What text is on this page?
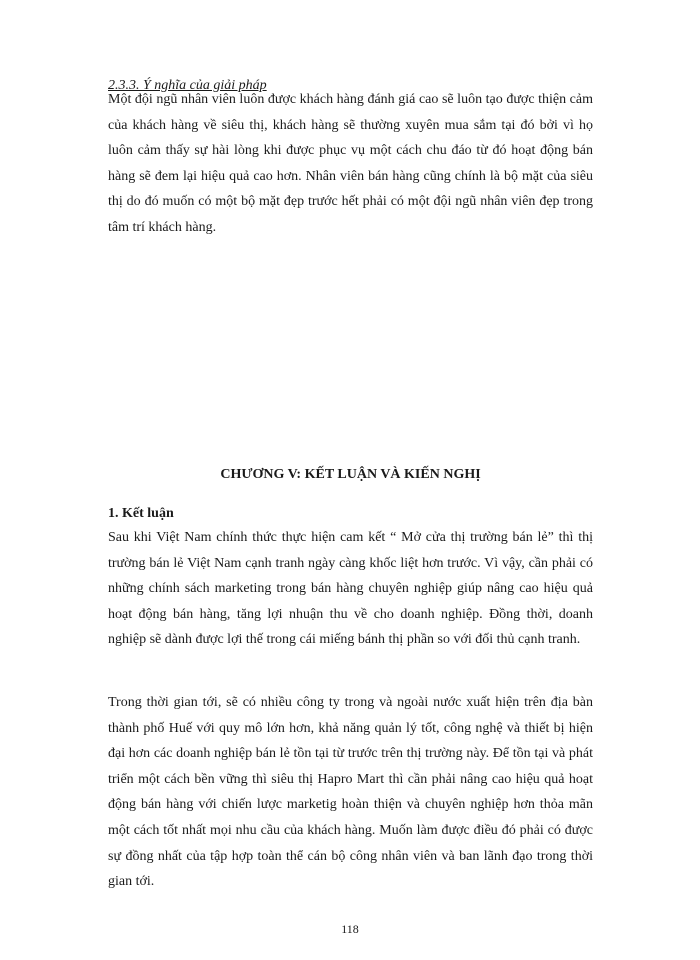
2.3.3. Ý nghĩa của giải pháp

Một đội ngũ nhân viên luôn được khách hàng đánh giá cao sẽ luôn tạo được thiện cảm của khách hàng về siêu thị, khách hàng sẽ thường xuyên mua sắm tại đó bởi vì họ luôn cảm thấy sự hài lòng khi được phục vụ một cách chu đáo từ đó hoạt động bán hàng sẽ đem lại hiệu quả cao hơn. Nhân viên bán hàng cũng chính là bộ mặt của siêu thị do đó muốn có một bộ mặt đẹp trước hết phải có một đội ngũ nhân viên đẹp trong tâm trí khách hàng.

CHƯƠNG V: KẾT LUẬN VÀ KIẾN NGHỊ
1. Kết luận

Sau khi Việt Nam chính thức thực hiện cam kết “ Mở cửa thị trường bán lẻ” thì thị trường bán lẻ Việt Nam cạnh tranh ngày càng khốc liệt hơn trước. Vì vậy, cần phải có những chính sách marketing trong bán hàng chuyên nghiệp giúp nâng cao hiệu quả hoạt động bán hàng, tăng lợi nhuận thu về cho doanh nghiệp. Đồng thời, doanh nghiệp sẽ dành được lợi thế trong cái miếng bánh thị phần so với đối thủ cạnh tranh.

Trong thời gian tới, sẽ có nhiều công ty trong và ngoài nước xuất hiện trên địa bàn thành phố Huế với quy mô lớn hơn, khả năng quản lý tốt, công nghệ và thiết bị hiện đại hơn các doanh nghiệp bán lẻ tồn tại từ trước trên thị trường này. Để tồn tại và phát triển một cách bền vững thì siêu thị Hapro Mart thì cần phải nâng cao hiệu quả hoạt động bán hàng với chiến lược marketig hoàn thiện và chuyên nghiệp hơn thỏa mãn một cách tốt nhất mọi nhu cầu của khách hàng. Muốn làm được điều đó phải có được sự đồng nhất của tập hợp toàn thể cán bộ công nhân viên và ban lãnh đạo trong thời gian tới.

118
